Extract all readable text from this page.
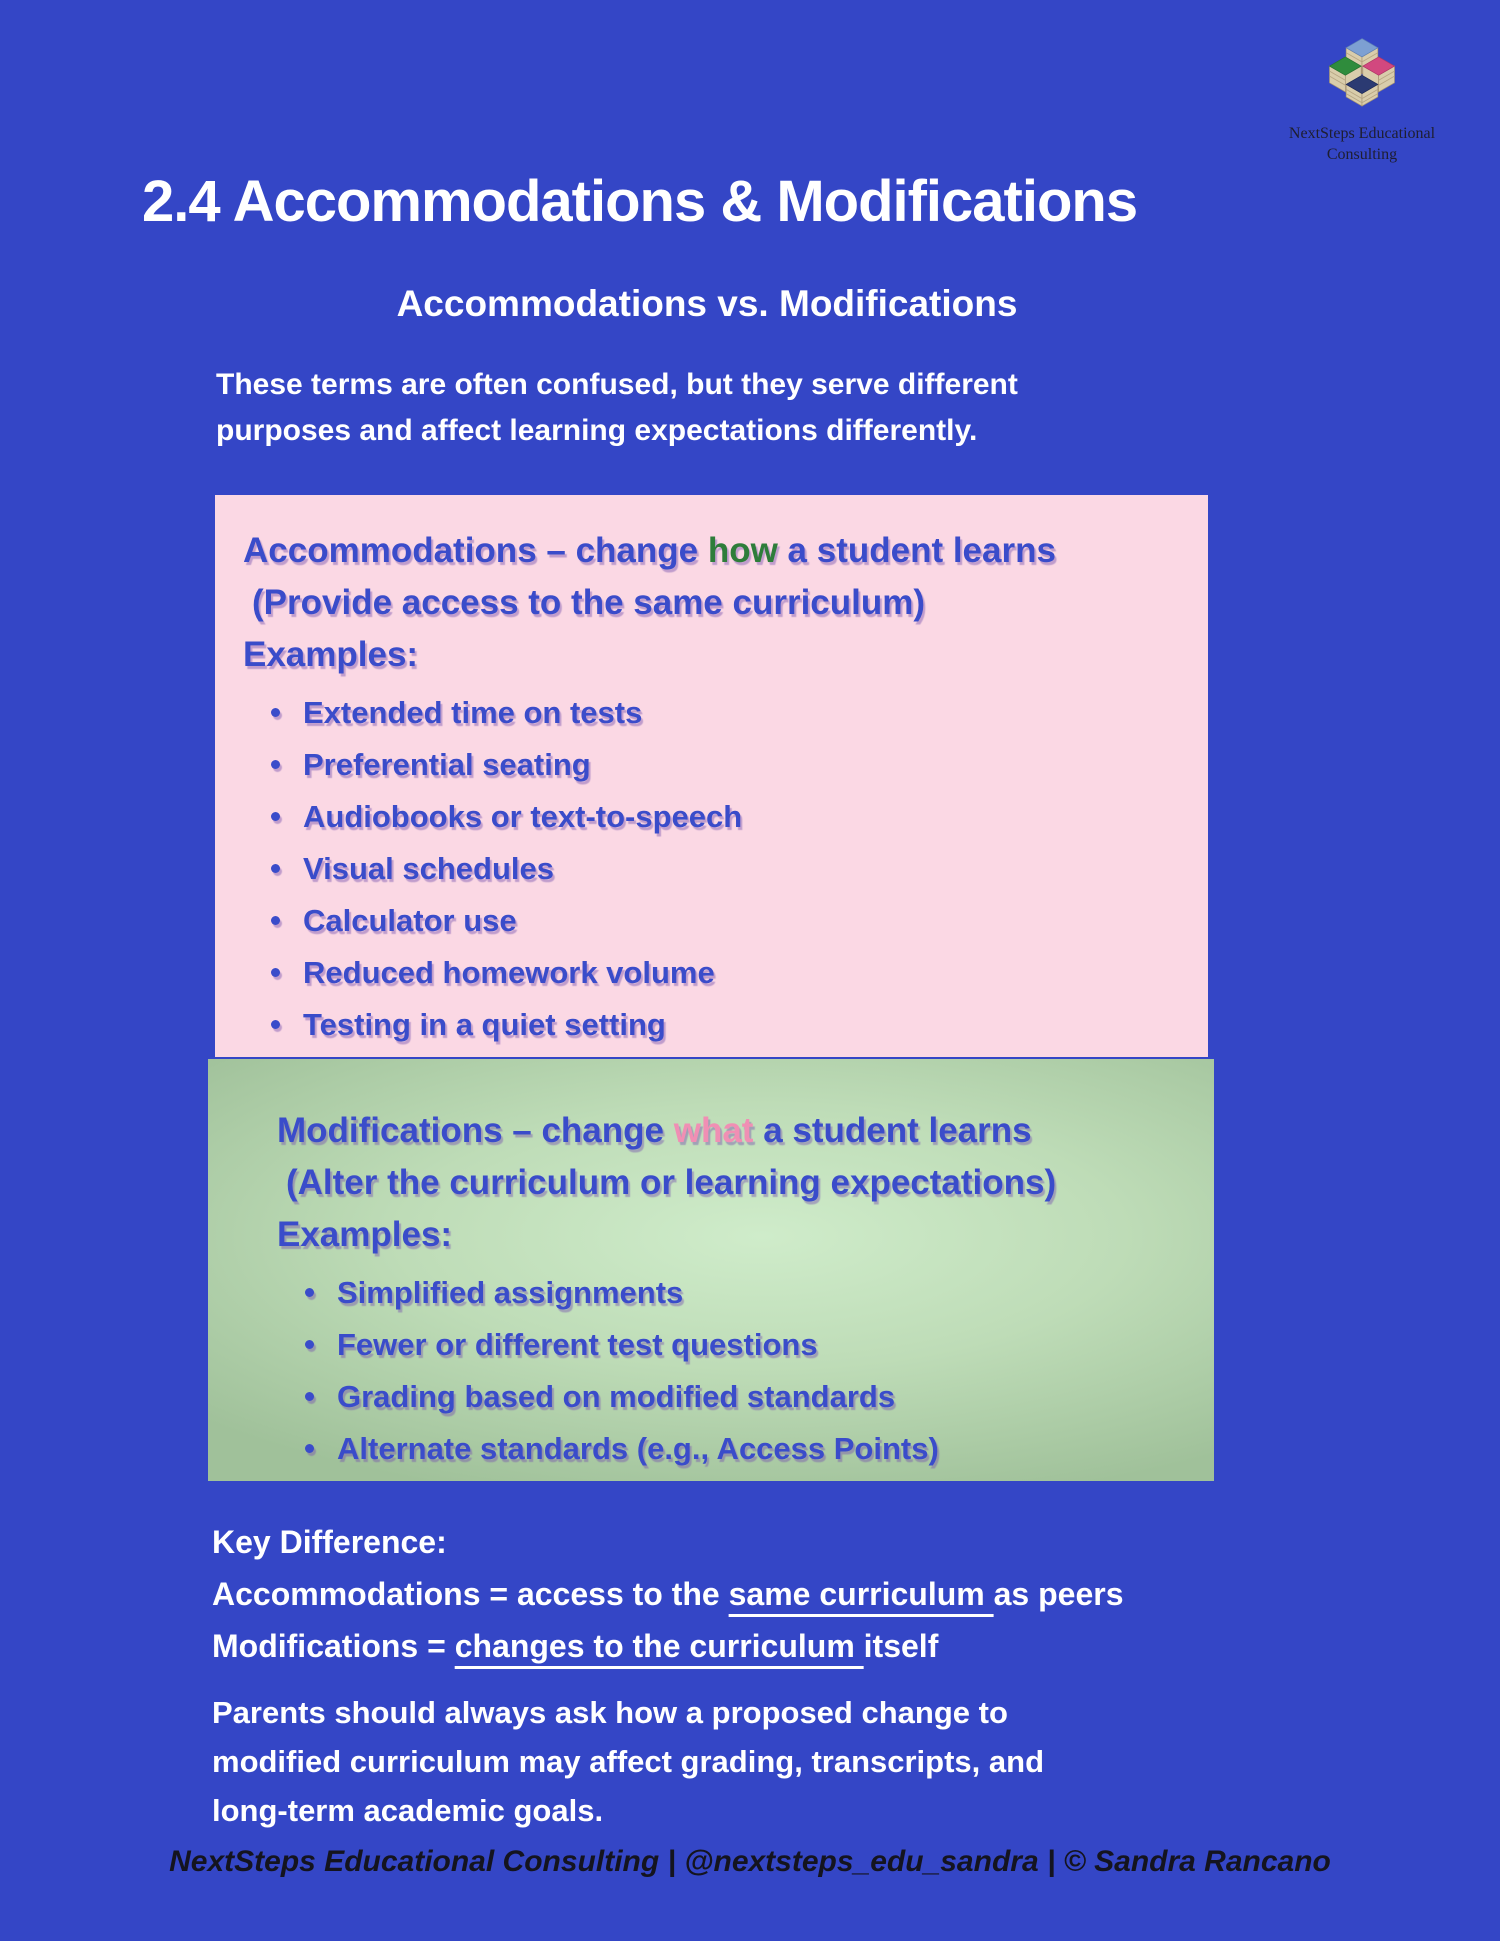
NextSteps Educational
Consulting
2.4 Accommodations & Modifications
Accommodations vs. Modifications
These terms are often confused, but they serve different
purposes and affect learning expectations differently.
Accommodations – change how a student learns
(Provide access to the same curriculum)
Examples:
Extended time on tests
Preferential seating
Audiobooks or text-to-speech
Visual schedules
Calculator use
Reduced homework volume
Testing in a quiet setting
Modifications – change what a student learns
(Alter the curriculum or learning expectations)
Examples:
Simplified assignments
Fewer or different test questions
Grading based on modified standards
Alternate standards (e.g., Access Points)
Key Difference:
Accommodations = access to the same curriculum as peers
Modifications = changes to the curriculum itself
Parents should always ask how a proposed change to
modified curriculum may affect grading, transcripts, and
long-term academic goals.
NextSteps Educational Consulting | @nextsteps_edu_sandra | © Sandra Rancano
